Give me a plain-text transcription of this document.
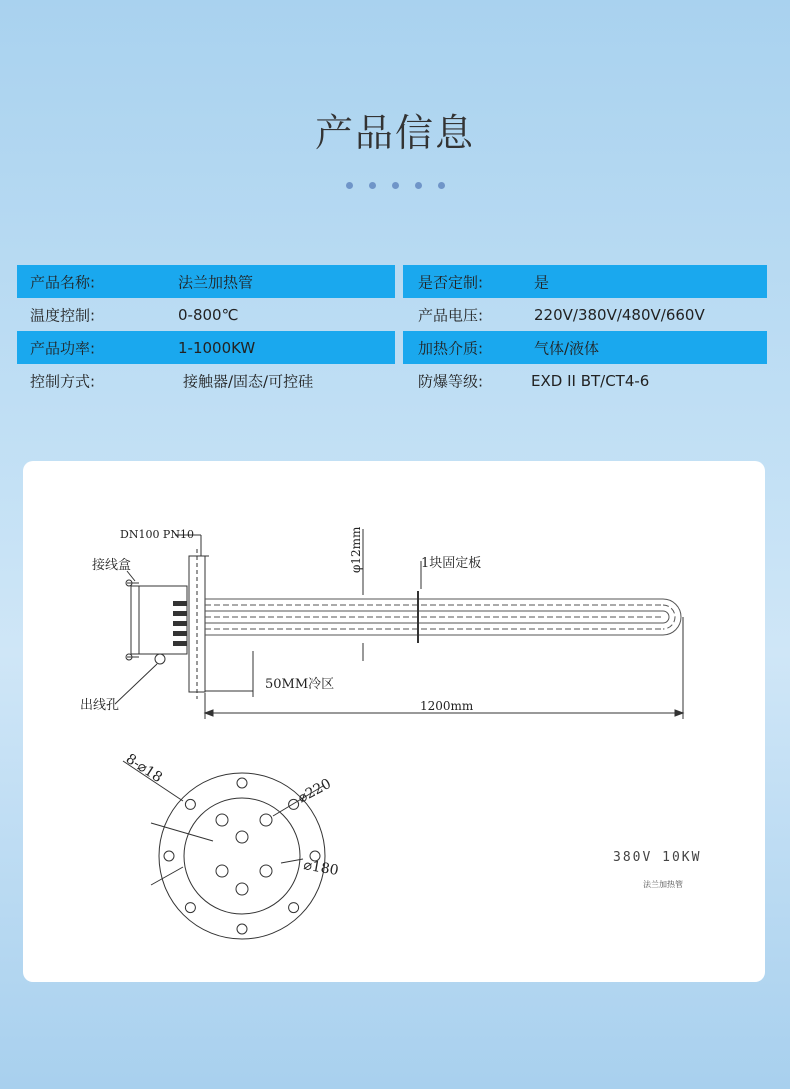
产品信息
产品名称:	法兰加热管
温度控制:	0-800℃
产品功率:	1-1000KW
控制方式:	接触器/固态/可控硅
是否定制:	是
产品电压:	220V/380V/480V/660V
加热介质:	气体/液体
防爆等级:	EXD II BT/CT4-6
DN100 PN10
接线盒
出线孔
φ12mm	1块固定板
50MM冷区
1200mm
8-⌀18
⌀220
⌀180	380V 10KW
法兰加热管
